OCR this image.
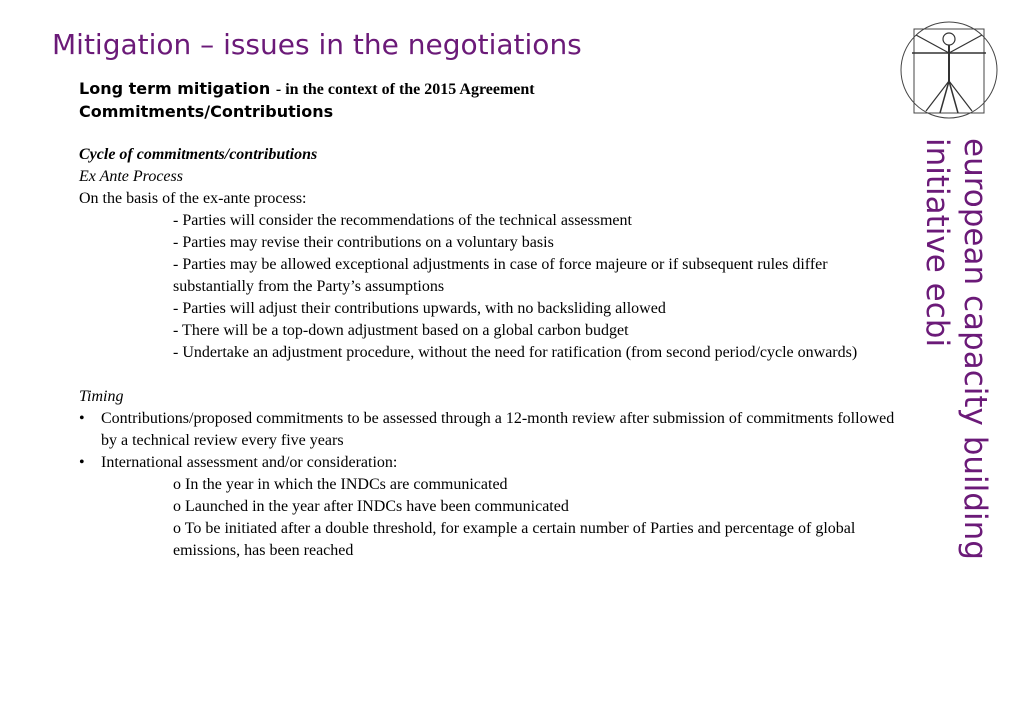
Mitigation – issues in the negotiations
Long term mitigation - in the context of the 2015 Agreement
Commitments/Contributions

Cycle of commitments/contributions

Ex Ante Process

On the basis of the ex-ante process:

- Parties will consider the recommendations of the technical assessment

- Parties may revise their contributions on a voluntary basis

- Parties may be allowed exceptional adjustments in case of force majeure or if subsequent rules differ substantially from the Party’s assumptions

- Parties will adjust their contributions upwards, with no backsliding allowed

- There will be a top-down adjustment based on a global carbon budget

- Undertake an adjustment procedure, without the need for ratification (from second period/cycle onwards)

Timing

• Contributions/proposed commitments to be assessed through a 12-month review after submission of commitments followed by a technical review every five years

• International assessment and/or consideration:

o In the year in which the INDCs are communicated

o Launched in the year after INDCs have been communicated

o To be initiated after a double threshold, for example a certain number of Parties and percentage of global emissions, has been reached	european capacity building
initiative ecbi
